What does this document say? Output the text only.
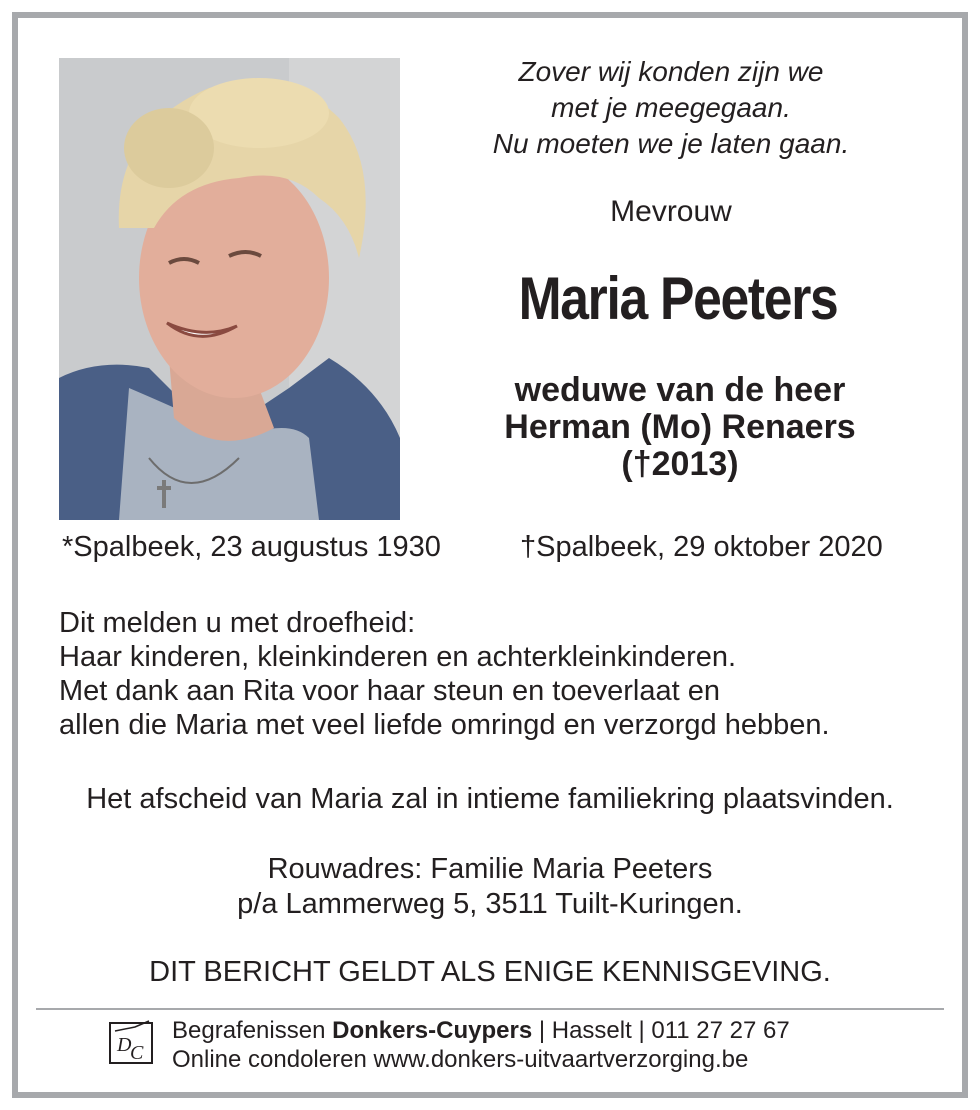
Zover wij konden zijn we
met je meegegaan.
Nu moeten we je laten gaan.
Mevrouw
Maria Peeters
weduwe van de heer
Herman (Mo) Renaers
(†2013)
*Spalbeek, 23 augustus 1930	†Spalbeek, 29 oktober 2020
Dit melden u met droefheid:
Haar kinderen, kleinkinderen en achterkleinkinderen.
Met dank aan Rita voor haar steun en toeverlaat en
allen die Maria met veel liefde omringd en verzorgd hebben.
Het afscheid van Maria zal in intieme familiekring plaatsvinden.
Rouwadres: Familie Maria Peeters
p/a Lammerweg 5, 3511 Tuilt-Kuringen.
DIT BERICHT GELDT ALS ENIGE KENNISGEVING.
D
C
Begrafenissen Donkers-Cuypers | Hasselt | 011 27 27 67
Online condoleren www.donkers-uitvaartverzorging.be
